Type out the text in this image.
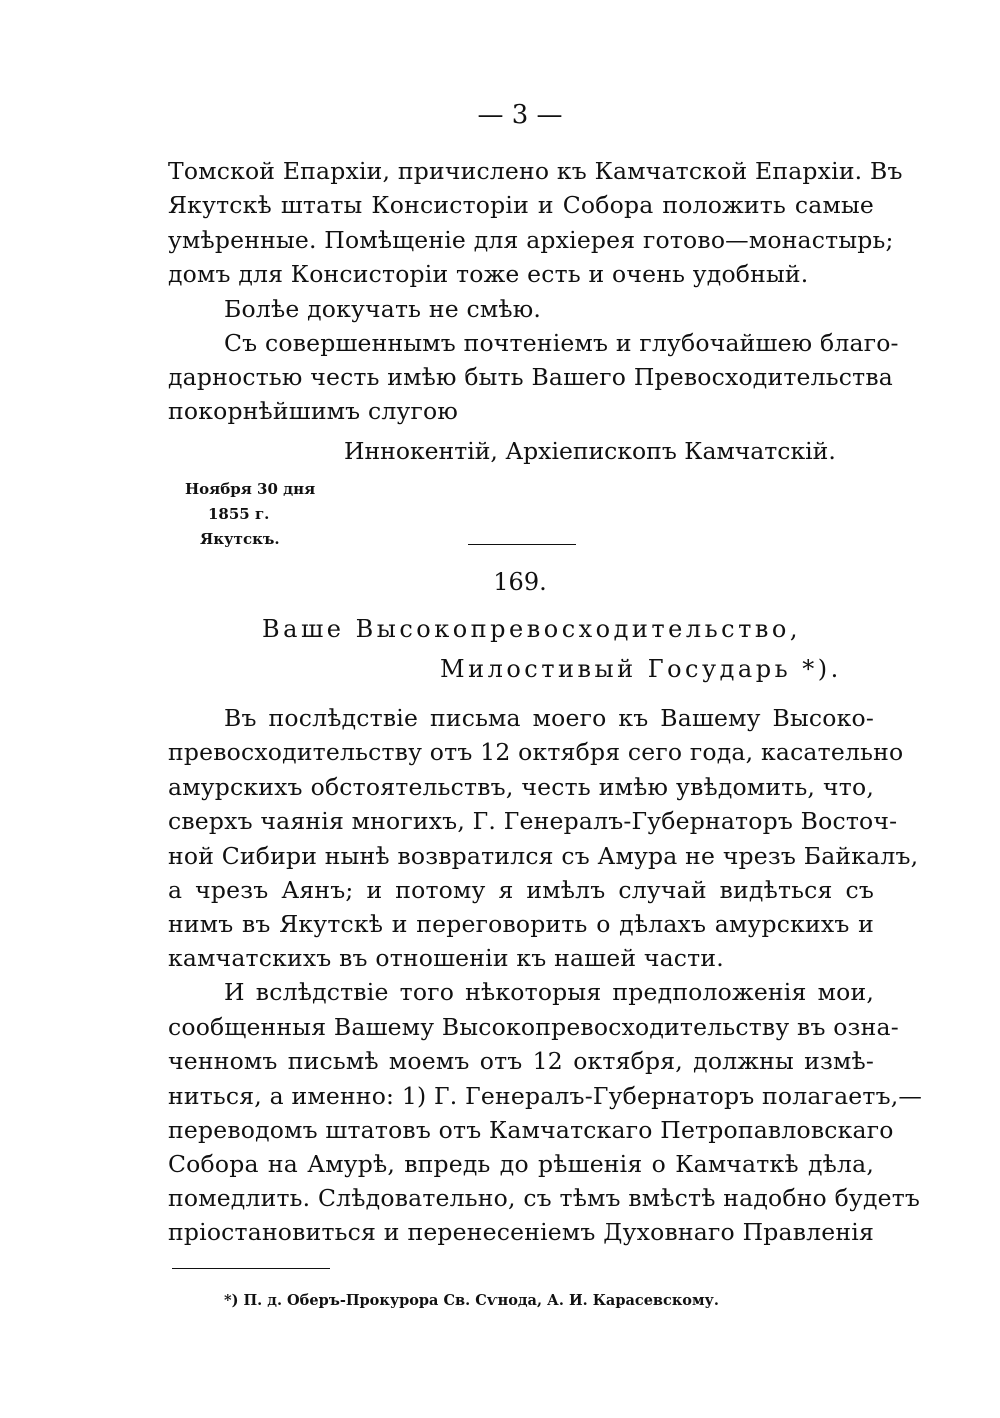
— 3 —
Томской Епархіи, причислено къ Камчатской Епархіи. Въ
Якутскѣ штаты Консисторіи и Собора положить самые
умѣренные. Помѣщеніе для архіерея готово—монастырь;
домъ для Консисторіи тоже есть и очень удобный.
Болѣе докучать не смѣю.
Съ совершеннымъ почтеніемъ и глубочайшею благо-
дарностью честь имѣю быть Вашего Превосходительства
покорнѣйшимъ слугою
Иннокентій, Архіепископъ Камчатскій.
Ноября 30 дня
1855 г.
Якутскъ.
169.
Ваше Высокопревосходительство,
Милостивый Государь *).
Въ послѣдствіе письма моего къ Вашему Высоко-
превосходительству отъ 12 октября сего года, касательно
амурскихъ обстоятельствъ, честь имѣю увѣдомить, что,
сверхъ чаянія многихъ, Г. Генералъ-Губернаторъ Восточ-
ной Сибири нынѣ возвратился съ Амура не чрезъ Байкалъ,
а чрезъ Аянъ; и потому я имѣлъ случай видѣться съ
нимъ въ Якутскѣ и переговорить о дѣлахъ амурскихъ и
камчатскихъ въ отношеніи къ нашей части.
И вслѣдствіе того нѣкоторыя предположенія мои,
сообщенныя Вашему Высокопревосходительству въ озна-
ченномъ письмѣ моемъ отъ 12 октября, должны измѣ-
ниться, а именно: 1) Г. Генералъ-Губернаторъ полагаетъ,—
переводомъ штатовъ отъ Камчатскаго Петропавловскаго
Собора на Амурѣ, впредь до рѣшенія о Камчаткѣ дѣла,
помедлить. Слѣдовательно, съ тѣмъ вмѣстѣ надобно будетъ
пріостановиться и перенесеніемъ Духовнаго Правленія
*) П. д. Оберъ-Прокурора Св. Сѵнода, А. И. Карасевскому.
